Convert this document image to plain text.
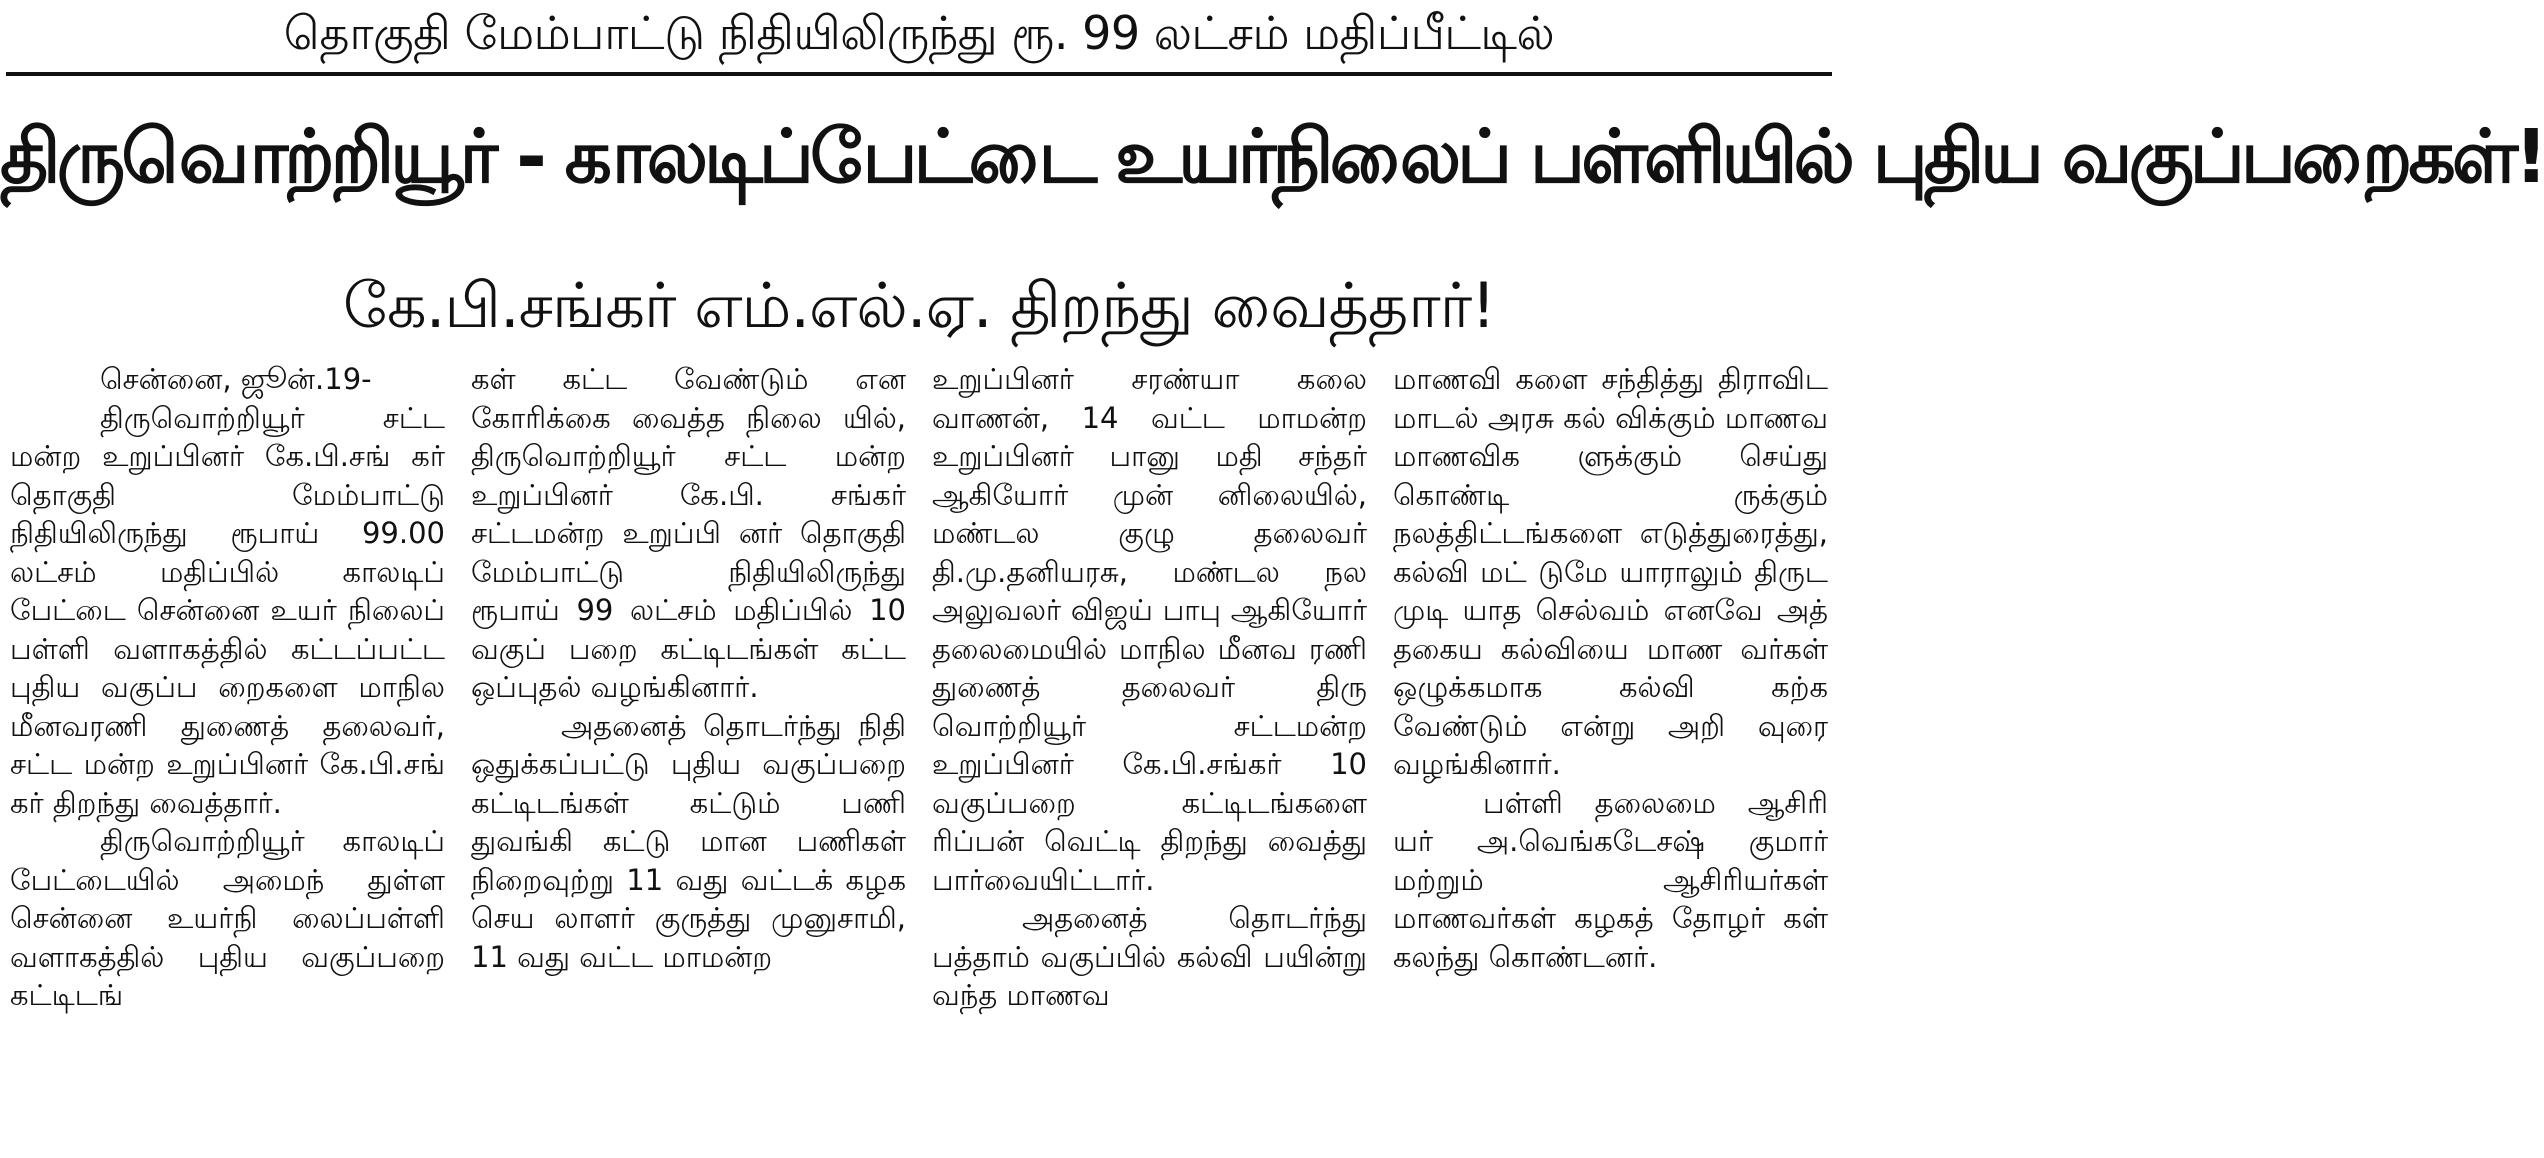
தொகுதி மேம்பாட்டு நிதியிலிருந்து ரூ. 99 லட்சம் மதிப்பீட்டில்
திருவொற்றியூர் - காலடிப்பேட்டை உயர்நிலைப் பள்ளியில் புதிய வகுப்பறைகள்!
கே.பி.சங்கர் எம்.எல்.ஏ. திறந்து வைத்தார்!

சென்னை, ஜூன்.19-

திருவொற்றியூர் சட்ட மன்ற உறுப்பினர் கே.பி.சங் கர் தொகுதி மேம்பாட்டு நிதியிலிருந்து ரூபாய் 99.00 லட்சம் மதிப்பில் காலடிப் பேட்டை சென்னை உயர் நிலைப் பள்ளி வளாகத்தில் கட்டப்பட்ட புதிய வகுப்ப றைகளை மாநில மீனவரணி துணைத் தலைவர், சட்ட மன்ற உறுப்பினர் கே.பி.சங் கர் திறந்து வைத்தார்.

திருவொற்றியூர் காலடிப் பேட்டையில் அமைந் துள்ள சென்னை உயர்நி லைப்பள்ளி வளாகத்தில் புதிய வகுப்பறை கட்டிடங்

கள் கட்ட வேண்டும் என கோரிக்கை வைத்த நிலை யில், திருவொற்றியூர் சட்ட மன்ற உறுப்பினர் கே.பி. சங்கர் சட்டமன்ற உறுப்பி னர் தொகுதி மேம்பாட்டு நிதியிலிருந்து ரூபாய் 99 லட்சம் மதிப்பில் 10 வகுப் பறை கட்டிடங்கள் கட்ட ஒப்புதல் வழங்கினார்.

அதனைத் தொடர்ந்து நிதி ஒதுக்கப்பட்டு புதிய வகுப்பறை கட்டிடங்கள் கட்டும் பணி துவங்கி கட்டு மான பணிகள் நிறைவுற்று 11 வது வட்டக் கழக செய லாளர் குருத்து முனுசாமி, 11 வது வட்ட மாமன்ற

உறுப்பினர் சரண்யா கலை வாணன், 14 வட்ட மாமன்ற உறுப்பினர் பானு மதி சந்தர் ஆகியோர் முன் னிலையில், மண்டல குழு தலைவர் தி.மு.தனியரசு, மண்டல நல அலுவலர் விஜய் பாபு ஆகியோர் தலைமையில் மாநில மீனவ ரணி துணைத் தலைவர் திரு வொற்றியூர் சட்டமன்ற உறுப்பினர் கே.பி.சங்கர் 10 வகுப்பறை கட்டிடங்களை ரிப்பன் வெட்டி திறந்து வைத்து பார்வையிட்டார்.

அதனைத் தொடர்ந்து பத்தாம் வகுப்பில் கல்வி பயின்று வந்த மாணவ

மாணவி களை சந்தித்து திராவிட மாடல் அரசு கல் விக்கும் மாணவ மாணவிக ளுக்கும் செய்து கொண்டி ருக்கும் நலத்திட்டங்களை எடுத்துரைத்து, கல்வி மட் டுமே யாராலும் திருட முடி யாத செல்வம் எனவே அத் தகைய கல்வியை மாண வர்கள் ஒழுக்கமாக கல்வி கற்க வேண்டும் என்று அறி வுரை வழங்கினார்.

பள்ளி தலைமை ஆசிரி யர் அ.வெங்கடேசஷ் குமார் மற்றும் ஆசிரியர்கள் மாணவர்கள் கழகத் தோழர் கள் கலந்து கொண்டனர்.
